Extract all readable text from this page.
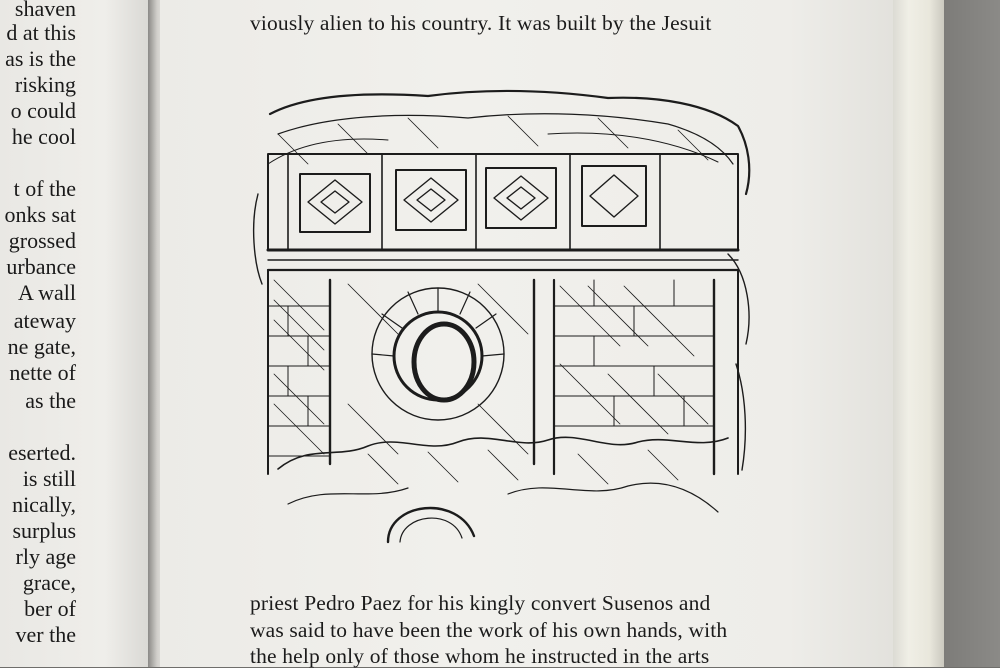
shaven
d at this
as is the
risking
o could
he cool
t of the
onks sat
grossed
urbance
A wall
ateway
ne gate,
nette of
as the
eserted.
is still
nically,
surplus
rly age
grace,
ber of
ver the
viously alien to his country. It was built by the Jesuit
priest Pedro Paez for his kingly convert Susenos and
was said to have been the work of his own hands, with
the help only of those whom he instructed in the arts
